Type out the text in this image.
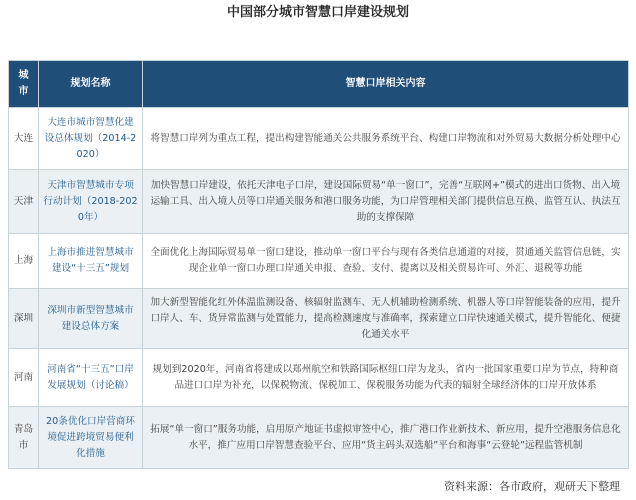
中国部分城市智慧口岸建设规划
城市	规划名称	智慧口岸相关内容
大连	大连市城市智慧化建设总体规划（2014-2020）	将智慧口岸列为重点工程，提出构建智能通关公共服务系统平台、构建口岸物流和对外贸易大数据分析处理中心
天津	天津市智慧城市专项行动计划（2018-2020年）	加快智慧口岸建设，依托天津电子口岸，建设国际贸易“单一窗口”，完善“互联网+”模式的进出口货物、出入境运输工具、出入境人员等口岸通关服务和港口服务功能，为口岸管理相关部门提供信息互换、监管互认、执法互助的支撑保障
上海	上海市推进智慧城市建设“十三五”规划	全面优化上海国际贸易单一窗口建设，推动单一窗口平台与现有各类信息通道的对接，贯通通关监管信息链，实现企业单一窗口办理口岸通关申报、查验、支付、提离以及相关贸易许可、外汇、退税等功能
深圳	深圳市新型智慧城市建设总体方案	加大新型智能化红外体温监测设备、核辐射监测车、无人机辅助检测系统、机器人等口岸智能装备的应用，提升口岸人、车、货异常监测与处置能力，提高检测速度与准确率，探索建立口岸快速通关模式，提升智能化、便捷化通关水平
河南	河南省“十三五”口岸发展规划（讨论稿）	规划到2020年，河南省将建成以郑州航空和铁路国际枢纽口岸为龙头，省内一批国家重要口岸为节点，特种商品进口口岸为补充，以保税物流、保税加工、保税服务功能为代表的辐射全球经济体的口岸开放体系
青岛市	20条优化口岸营商环境促进跨境贸易便利化措施	拓展“单一窗口”服务功能，启用原产地证书虚拟审签中心，推广港口作业新技术、新应用，提升空港服务信息化水平，推广应用口岸智慧查验平台、应用“货主码头双选船”平台和海事“云登轮”远程监管机制
资料来源：各市政府，观研天下整理
